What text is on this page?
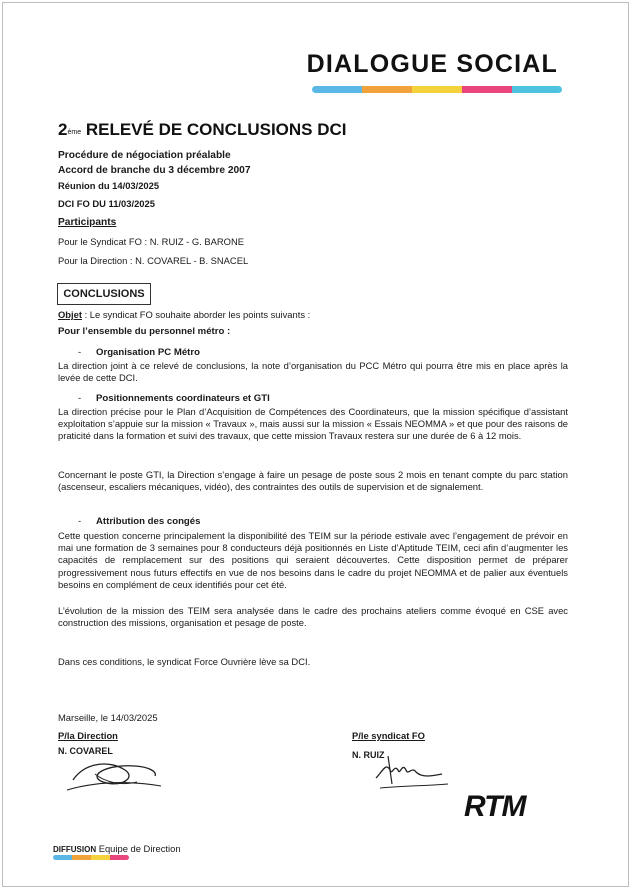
DIALOGUE SOCIAL
2ème RELEVÉ DE CONCLUSIONS DCI
Procédure de négociation préalable
Accord de branche du 3 décembre 2007
Réunion du 14/03/2025
DCI FO DU 11/03/2025
Participants
Pour le Syndicat FO : N. RUIZ - G. BARONE
Pour la Direction : N. COVAREL - B. SNACEL
CONCLUSIONS
Objet : Le syndicat FO souhaite aborder les points suivants :
Pour l’ensemble du personnel métro :
- Organisation PC Métro
La direction joint à ce relevé de conclusions, la note d’organisation du PCC Métro qui pourra être mis en place après la levée de cette DCI.
- Positionnements coordinateurs et GTI
La direction précise pour le Plan d’Acquisition de Compétences des Coordinateurs, que la mission spécifique d’assistant exploitation s’appuie sur la mission « Travaux », mais aussi sur la mission « Essais NEOMMA » et que pour des raisons de praticité dans la formation et suivi des travaux, que cette mission Travaux restera sur une durée de 6 à 12 mois.
Concernant le poste GTI, la Direction s’engage à faire un pesage de poste sous 2 mois en tenant compte du parc station (ascenseur, escaliers mécaniques, vidéo), des contraintes des outils de supervision et de signalement.
- Attribution des congés
Cette question concerne principalement la disponibilité des TEIM sur la période estivale avec l’engagement de prévoir en mai une formation de 3 semaines pour 8 conducteurs déjà positionnés en Liste d’Aptitude TEIM, ceci afin d’augmenter les capacités de remplacement sur des positions qui seraient découvertes. Cette disposition permet de préparer progressivement nous futurs effectifs en vue de nos besoins dans le cadre du projet NEOMMA et de palier aux éventuels besoins en complément de ceux identifiés pour cet été.
L’évolution de la mission des TEIM sera analysée dans le cadre des prochains ateliers comme évoqué en CSE avec construction des missions, organisation et pesage de poste.
Dans ces conditions, le syndicat Force Ouvrière lève sa DCI.
Marseille, le 14/03/2025
P/la Direction
N. COVAREL
P/le syndicat FO
N. RUIZ
RTM
DIFFUSION Equipe de Direction
